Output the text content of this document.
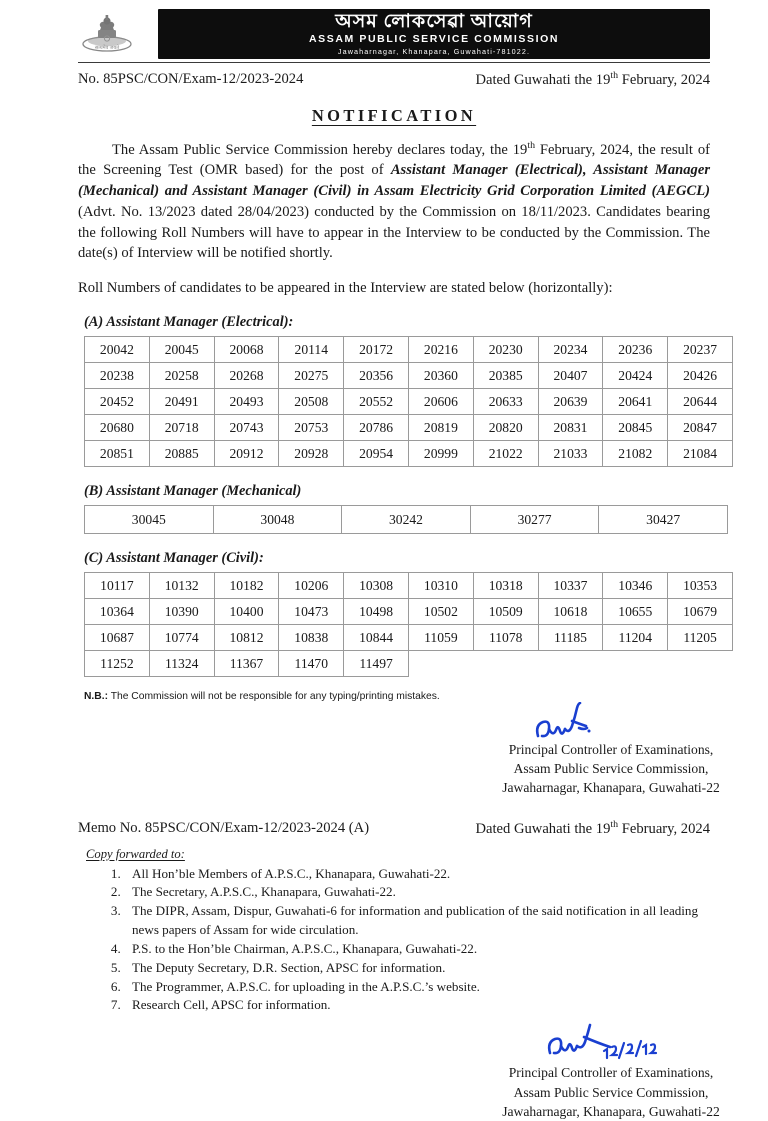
सत्यमेव जयते
অসম লোকসেৱা আয়োগ
ASSAM PUBLIC SERVICE COMMISSION
Jawaharnagar, Khanapara, Guwahati-781022.
No. 85PSC/CON/Exam-12/2023-2024	Dated Guwahati the 19th February, 2024
NOTIFICATION
The Assam Public Service Commission hereby declares today, the 19th February, 2024, the result of the Screening Test (OMR based) for the post of Assistant Manager (Electrical), Assistant Manager (Mechanical) and Assistant Manager (Civil) in Assam Electricity Grid Corporation Limited (AEGCL) (Advt. No. 13/2023 dated 28/04/2023) conducted by the Commission on 18/11/2023. Candidates bearing the following Roll Numbers will have to appear in the Interview to be conducted by the Commission. The date(s) of Interview will be notified shortly.
Roll Numbers of candidates to be appeared in the Interview are stated below (horizontally):
(A) Assistant Manager (Electrical):
20042	20045	20068	20114	20172	20216	20230	20234	20236	20237
20238	20258	20268	20275	20356	20360	20385	20407	20424	20426
20452	20491	20493	20508	20552	20606	20633	20639	20641	20644
20680	20718	20743	20753	20786	20819	20820	20831	20845	20847
20851	20885	20912	20928	20954	20999	21022	21033	21082	21084
(B) Assistant Manager (Mechanical)
30045	30048	30242	30277	30427
(C) Assistant Manager (Civil):
10117	10132	10182	10206	10308	10310	10318	10337	10346	10353
10364	10390	10400	10473	10498	10502	10509	10618	10655	10679
10687	10774	10812	10838	10844	11059	11078	11185	11204	11205
11252	11324	11367	11470	11497					
N.B.: The Commission will not be responsible for any typing/printing mistakes.
Principal Controller of Examinations,
Assam Public Service Commission,
Jawaharnagar, Khanapara, Guwahati-22
Memo No. 85PSC/CON/Exam-12/2023-2024 (A)	Dated Guwahati the 19th February, 2024
Copy forwarded to:
1. All Hon’ble Members of A.P.S.C., Khanapara, Guwahati-22.
2. The Secretary, A.P.S.C., Khanapara, Guwahati-22.
3. The DIPR, Assam, Dispur, Guwahati-6 for information and publication of the said notification in all leading news papers of Assam for wide circulation.
4. P.S. to the Hon’ble Chairman, A.P.S.C., Khanapara, Guwahati-22.
5. The Deputy Secretary, D.R. Section, APSC for information.
6. The Programmer, A.P.S.C. for uploading in the A.P.S.C.’s website.
7. Research Cell, APSC for information.
Principal Controller of Examinations,
Assam Public Service Commission,
Jawaharnagar, Khanapara, Guwahati-22
